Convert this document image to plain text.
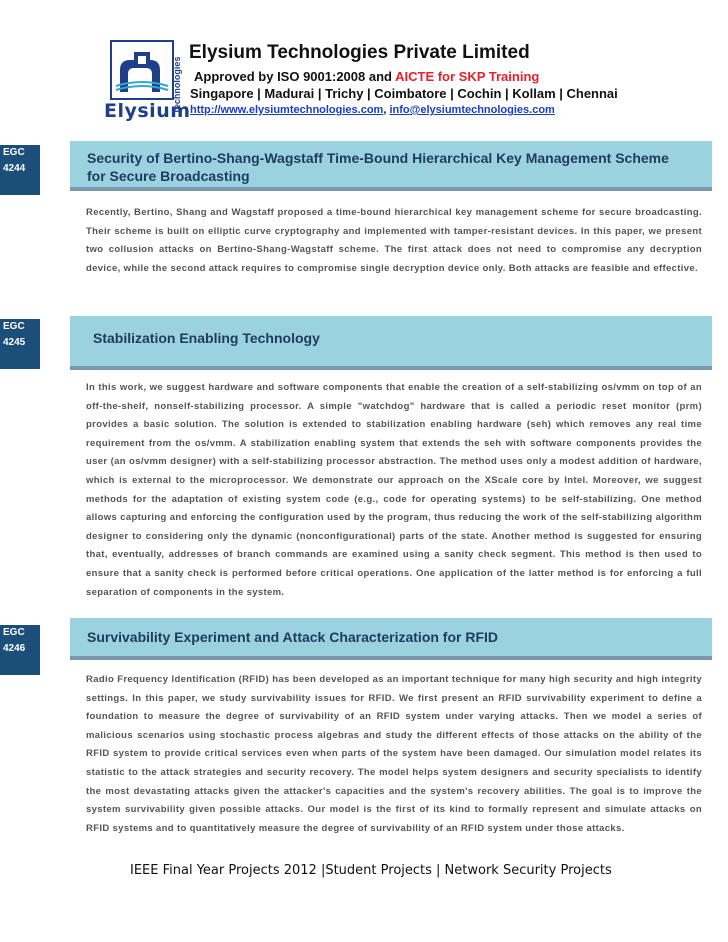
Technologies
Elysium
Elysium Technologies Private Limited
Approved by ISO 9001:2008 and AICTE for SKP Training
Singapore | Madurai | Trichy | Coimbatore | Cochin | Kollam | Chennai
http://www.elysiumtechnologies.com, info@elysiumtechnologies.com
EGC
4244
Security of Bertino-Shang-Wagstaff Time-Bound Hierarchical Key Management Scheme
for Secure Broadcasting

Recently, Bertino, Shang and Wagstaff proposed a time-bound hierarchical key management scheme for secure broadcasting. Their scheme is built on elliptic curve cryptography and implemented with tamper-resistant devices. In this paper, we present two collusion attacks on Bertino-Shang-Wagstaff scheme. The first attack does not need to compromise any decryption device, while the second attack requires to compromise single decryption device only. Both attacks are feasible and effective.

EGC
4245	Stabilization Enabling Technology

In this work, we suggest hardware and software components that enable the creation of a self-stabilizing os/vmm on top of an off-the-shelf, nonself-stabilizing processor. A simple "watchdog" hardware that is called a periodic reset monitor (prm) provides a basic solution. The solution is extended to stabilization enabling hardware (seh) which removes any real time requirement from the os/vmm. A stabilization enabling system that extends the seh with software components provides the user (an os/vmm designer) with a self-stabilizing processor abstraction. The method uses only a modest addition of hardware, which is external to the microprocessor. We demonstrate our approach on the XScale core by Intel. Moreover, we suggest methods for the adaptation of existing system code (e.g., code for operating systems) to be self-stabilizing. One method allows capturing and enforcing the configuration used by the program, thus reducing the work of the self-stabilizing algorithm designer to considering only the dynamic (nonconfigurational) parts of the state. Another method is suggested for ensuring that, eventually, addresses of branch commands are examined using a sanity check segment. This method is then used to ensure that a sanity check is performed before critical operations. One application of the latter method is for enforcing a full separation of components in the system.

EGC
4246
Survivability Experiment and Attack Characterization for RFID

Radio Frequency Identification (RFID) has been developed as an important technique for many high security and high integrity settings. In this paper, we study survivability issues for RFID. We first present an RFID survivability experiment to define a foundation to measure the degree of survivability of an RFID system under varying attacks. Then we model a series of malicious scenarios using stochastic process algebras and study the different effects of those attacks on the ability of the RFID system to provide critical services even when parts of the system have been damaged. Our simulation model relates its statistic to the attack strategies and security recovery. The model helps system designers and security specialists to identify the most devastating attacks given the attacker's capacities and the system's recovery abilities. The goal is to improve the system survivability given possible attacks. Our model is the first of its kind to formally represent and simulate attacks on RFID systems and to quantitatively measure the degree of survivability of an RFID system under those attacks.

IEEE Final Year Projects 2012 |Student Projects | Network Security Projects
